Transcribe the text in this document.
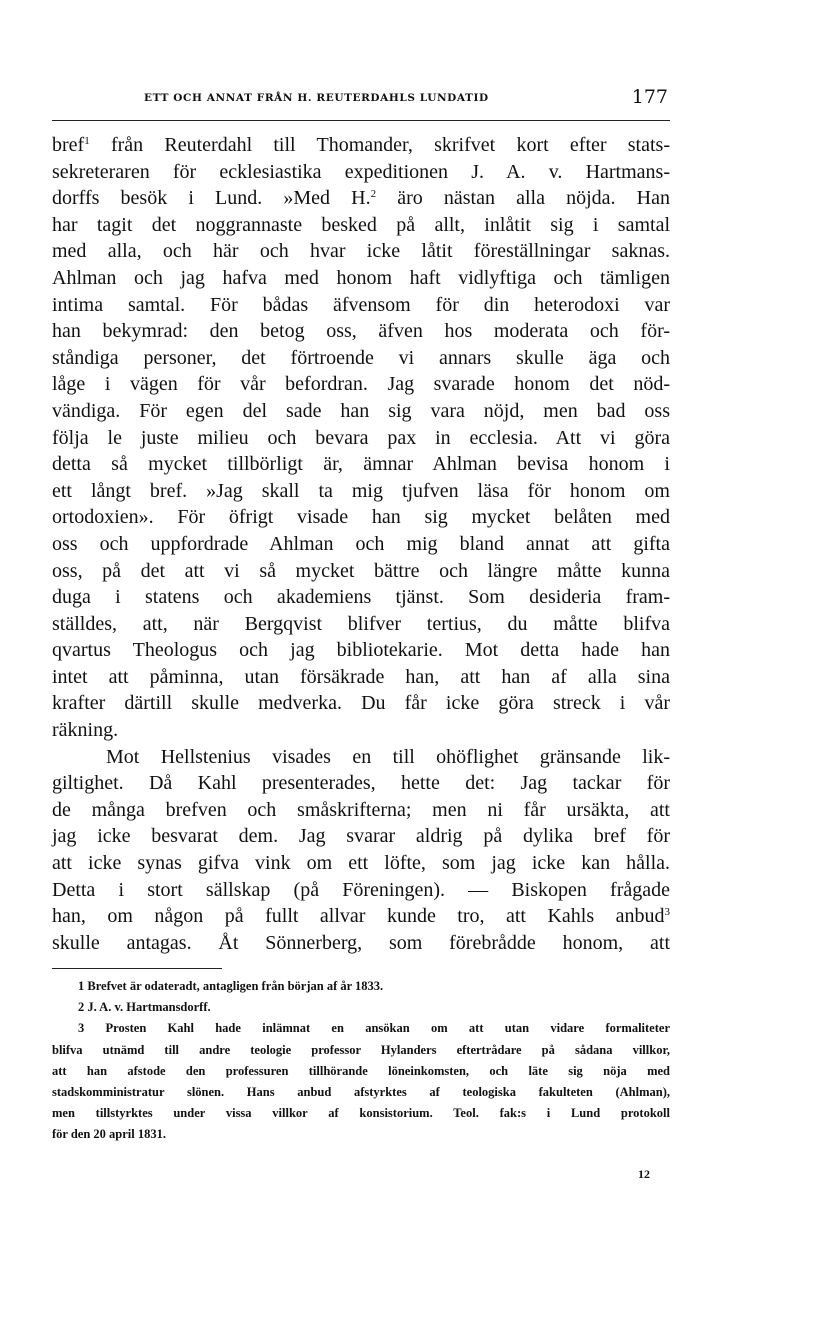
ETT OCH ANNAT FRÅN H. REUTERDAHLS LUNDATID	177
bref$^1$ från Reuterdahl till Thomander, skrifvet kort efter stats-
sekreteraren för ecklesiastika expeditionen J. A. v. Hartmans-
dorffs besök i Lund. »Med H.$^2$ äro nästan alla nöjda. Han
har tagit det noggrannaste besked på allt, inlåtit sig i samtal
med alla, och här och hvar icke låtit föreställningar saknas.
Ahlman och jag hafva med honom haft vidlyftiga och tämligen
intima samtal. För bådas äfvensom för din heterodoxi var
han bekymrad: den betog oss, äfven hos moderata och för-
ståndiga personer, det förtroende vi annars skulle äga och
låge i vägen för vår befordran. Jag svarade honom det nöd-
vändiga. För egen del sade han sig vara nöjd, men bad oss
följa le juste milieu och bevara pax in ecclesia. Att vi göra
detta så mycket tillbörligt är, ämnar Ahlman bevisa honom i
ett långt bref. »Jag skall ta mig tjufven läsa för honom om
ortodoxien». För öfrigt visade han sig mycket belåten med
oss och uppfordrade Ahlman och mig bland annat att gifta
oss, på det att vi så mycket bättre och längre måtte kunna
duga i statens och akademiens tjänst. Som desideria fram-
ställdes, att, när Bergqvist blifver tertius, du måtte blifva
qvartus Theologus och jag bibliotekarie. Mot detta hade han
intet att påminna, utan försäkrade han, att han af alla sina
krafter därtill skulle medverka. Du får icke göra streck i vår
räkning.
Mot Hellstenius visades en till ohöflighet gränsande lik-
giltighet. Då Kahl presenterades, hette det: Jag tackar för
de många brefven och småskrifterna; men ni får ursäkta, att
jag icke besvarat dem. Jag svarar aldrig på dylika bref för
att icke synas gifva vink om ett löfte, som jag icke kan hålla.
Detta i stort sällskap (på Föreningen). — Biskopen frågade
han, om någon på fullt allvar kunde tro, att Kahls anbud$^3$
skulle antagas. Åt Sönnerberg, som förebrådde honom, att
1 Brefvet är odateradt, antagligen från början af år 1833.
2 J. A. v. Hartmansdorff.
3 Prosten Kahl hade inlämnat en ansökan om att utan vidare formaliteter
blifva utnämd till andre teologie professor Hylanders eftertrådare på sådana villkor,
att han afstode den professuren tillhörande löneinkomsten, och läte sig nöja med
stadskomministratur slönen. Hans anbud afstyrktes af teologiska fakulteten (Ahlman),
men tillstyrktes under vissa villkor af konsistorium. Teol. fak:s i Lund protokoll
för den 20 april 1831.
12
